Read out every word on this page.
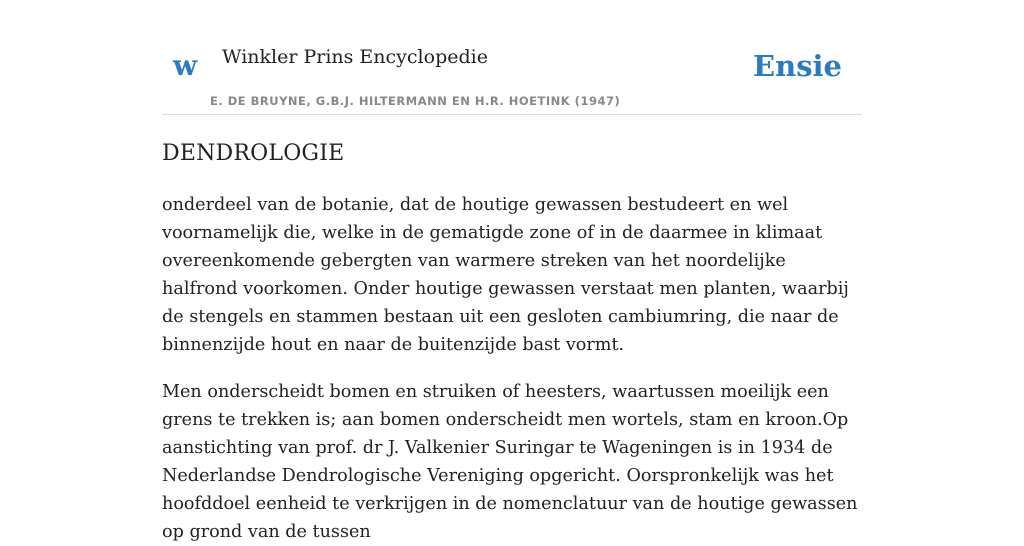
w Winkler Prins Encyclopedie
E. DE BRUYNE, G.B.J. HILTERMANN EN H.R. HOETINK (1947)
Ensie
DENDROLOGIE

onderdeel van de botanie, dat de houtige gewassen bestudeert en wel voornamelijk die, welke in de gematigde zone of in de daarmee in klimaat overeenkomende gebergten van warmere streken van het noordelijke halfrond voorkomen. Onder houtige gewassen verstaat men planten, waarbij de stengels en stammen bestaan uit een gesloten cambiumring, die naar de binnenzijde hout en naar de buitenzijde bast vormt.

Men onderscheidt bomen en struiken of heesters, waartussen moeilijk een grens te trekken is; aan bomen onderscheidt men wortels, stam en kroon.Op aanstichting van prof. dr J. Valkenier Suringar te Wageningen is in 1934 de Nederlandse Dendrologische Vereniging opgericht. Oorspronkelijk was het hoofddoel eenheid te verkrijgen in de nomenclatuur van de houtige gewassen op grond van de tussen
